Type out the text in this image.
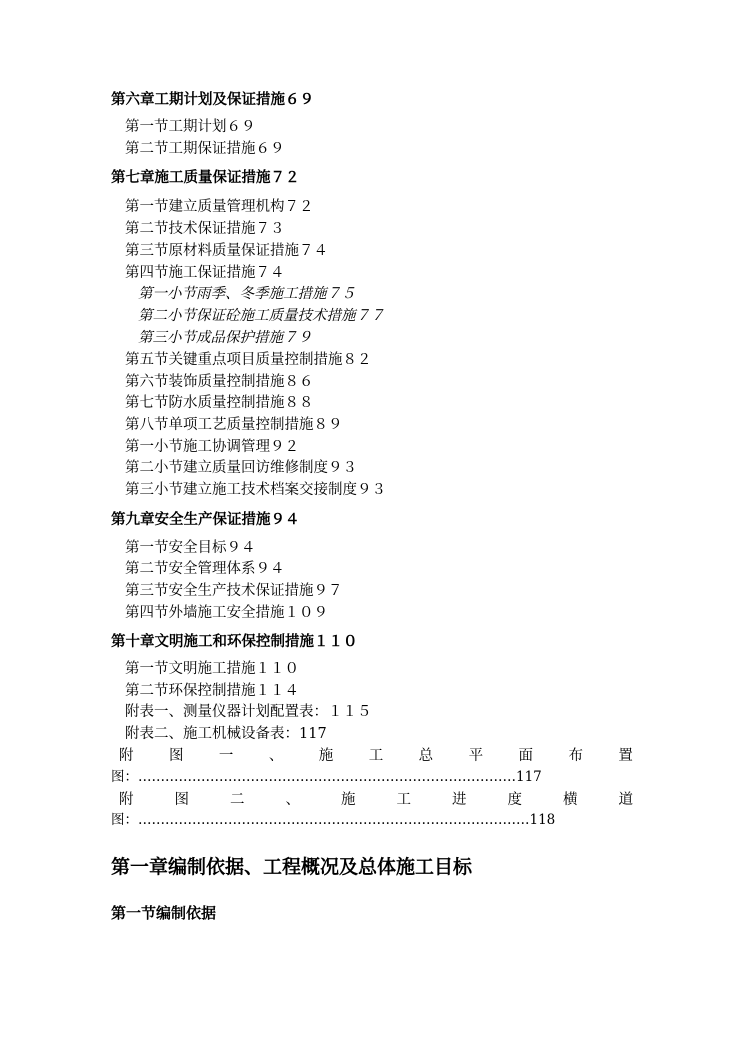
第六章工期计划及保证措施６９
第一节工期计划６９
第二节工期保证措施６９
第七章施工质量保证措施７２
第一节建立质量管理机构７２
第二节技术保证措施７３
第三节原材料质量保证措施７４
第四节施工保证措施７４
第一小节雨季、冬季施工措施７５
第二小节保证砼施工质量技术措施７７
第三小节成品保护措施７９
第五节关键重点项目质量控制措施８２
第六节装饰质量控制措施８６
第七节防水质量控制措施８８
第八节单项工艺质量控制措施８９
第一小节施工协调管理９２
第二小节建立质量回访维修制度９３
第三小节建立施工技术档案交接制度９３
第九章安全生产保证措施９４
第一节安全目标９４
第二节安全管理体系９４
第三节安全生产技术保证措施９７
第四节外墙施工安全措施１０９
第十章文明施工和环保控制措施１１０
第一节文明施工措施１１０
第二节环保控制措施１１４
附表一、测量仪器计划配置表：１１５
附表二、施工机械设备表：117
附 图 一 、 施 工 总 平 面 布 置
图：…………………………………………………………………………117
附	图	二	、	施	工	进	度	横	道
图：……………………………………………………………………………118
第一章编制依据、工程概况及总体施工目标
第一节编制依据
